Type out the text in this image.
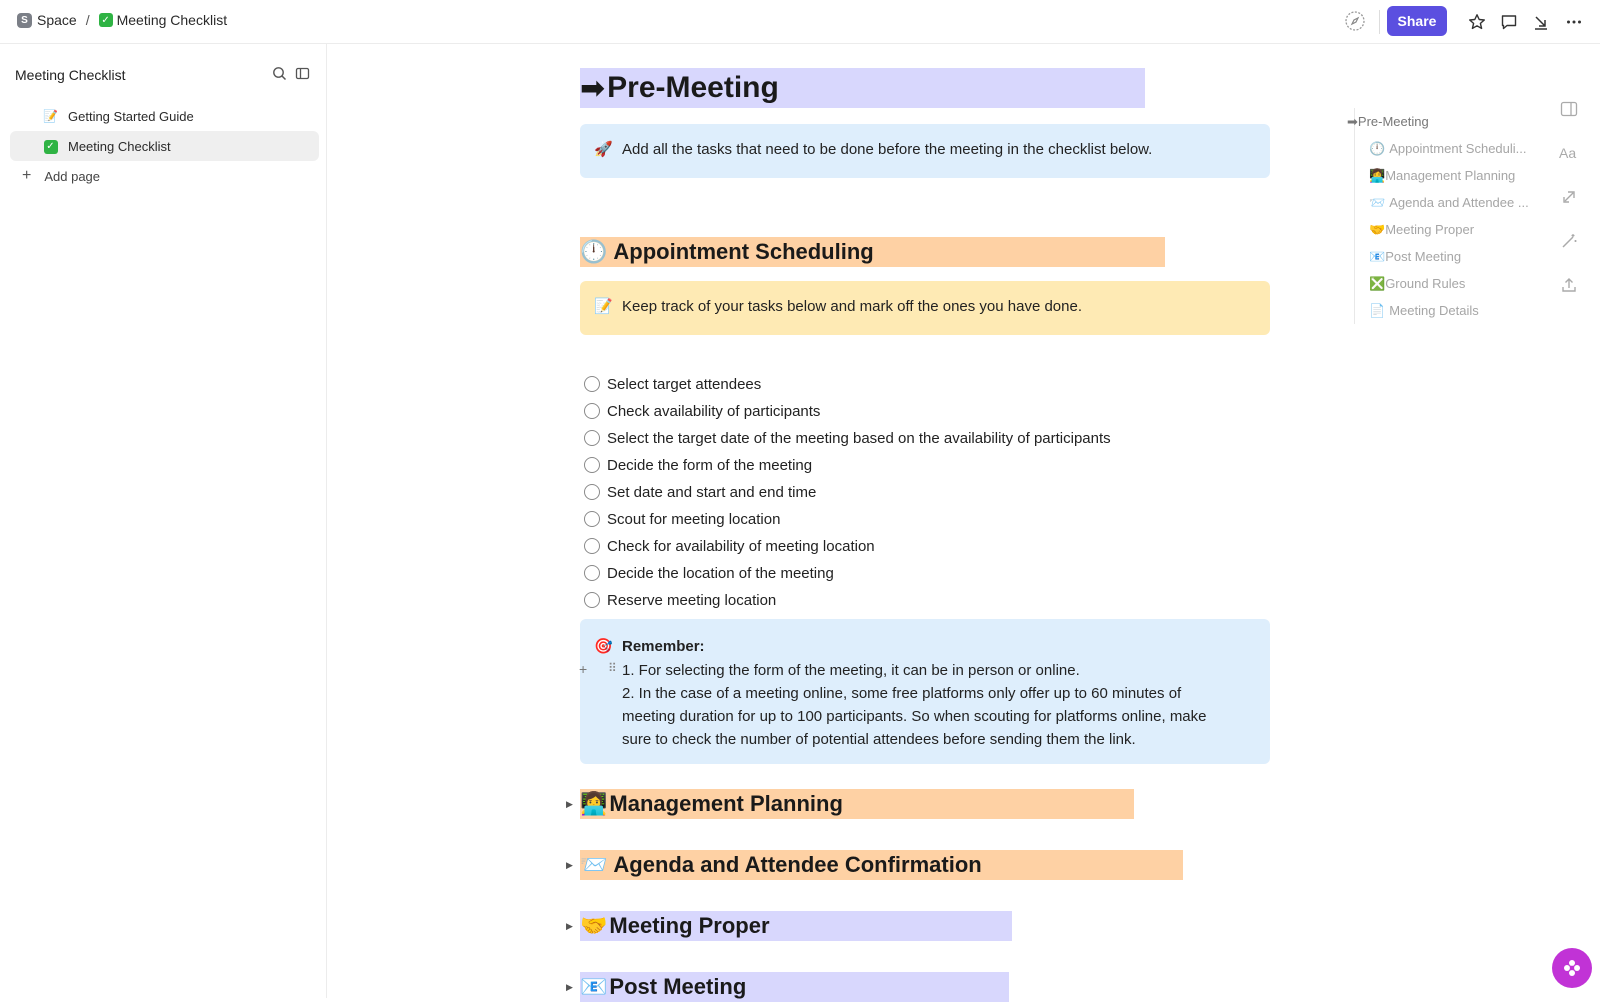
S Space / ✓ Meeting Checklist	Share
Meeting Checklist
📝 Getting Started Guide
✓ Meeting Checklist
+ Add page
➡ Pre-Meeting
🚀 Add all the tasks that need to be done before the meeting in the checklist below.
🕛 Appointment Scheduling
📝 Keep track of your tasks below and mark off the ones you have done.
Select target attendees
Check availability of participants
Select the target date of the meeting based on the availability of participants
Decide the form of the meeting
Set date and start and end time
Scout for meeting location
Check for availability of meeting location
Decide the location of the meeting
Reserve meeting location
🎯
+ ⠿
Remember:
1. For selecting the form of the meeting, it can be in person or online.
2. In the case of a meeting online, some free platforms only offer up to 60 minutes of
meeting duration for up to 100 participants. So when scouting for platforms online, make
sure to check the number of potential attendees before sending them the link.
▶ 👩‍💻 Management Planning
▶ 📨 Agenda and Attendee Confirmation
▶ 🤝 Meeting Proper
▶ 📧 Post Meeting
➡ Pre-Meeting
🕛 Appointment Scheduli...
👩‍💻 Management Planning
📨 Agenda and Attendee ...
🤝 Meeting Proper
📧 Post Meeting
❎ Ground Rules
📄 Meeting Details
Aa
